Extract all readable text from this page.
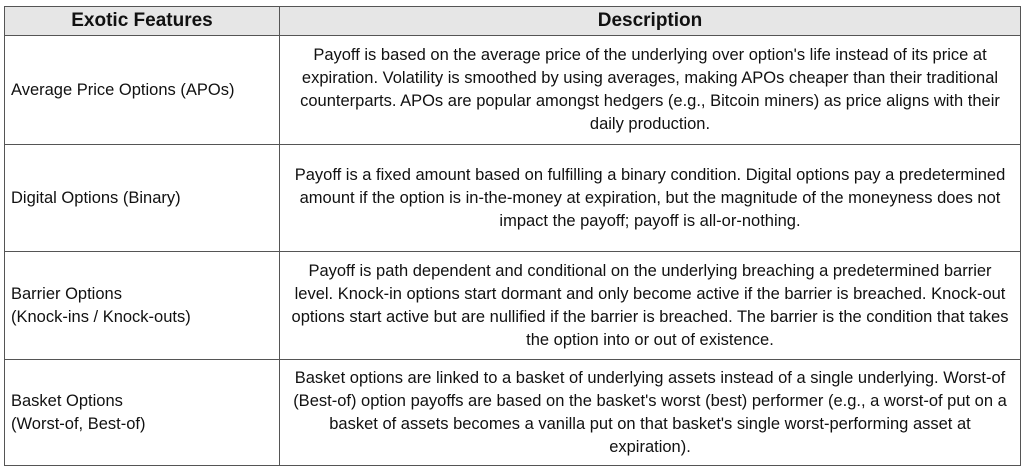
Exotic Features	Description

Average Price Options (APOs)	Payoff is based on the average price of the underlying over option's life instead of its price at expiration. Volatility is smoothed by using averages, making APOs cheaper than their traditional counterparts. APOs are popular amongst hedgers (e.g., Bitcoin miners) as price aligns with their daily production.

Digital Options (Binary)	Payoff is a fixed amount based on fulfilling a binary condition. Digital options pay a predetermined amount if the option is in-the-money at expiration, but the magnitude of the moneyness does not impact the payoff; payoff is all-or-nothing.

Barrier Options
(Knock-ins / Knock-outs)	Payoff is path dependent and conditional on the underlying breaching a predetermined barrier level. Knock-in options start dormant and only become active if the barrier is breached. Knock-out options start active but are nullified if the barrier is breached. The barrier is the condition that takes the option into or out of existence.

Basket Options
(Worst-of, Best-of)	Basket options are linked to a basket of underlying assets instead of a single underlying. Worst-of (Best-of) option payoffs are based on the basket's worst (best) performer (e.g., a worst-of put on a basket of assets becomes a vanilla put on that basket's single worst-performing asset at expiration).
